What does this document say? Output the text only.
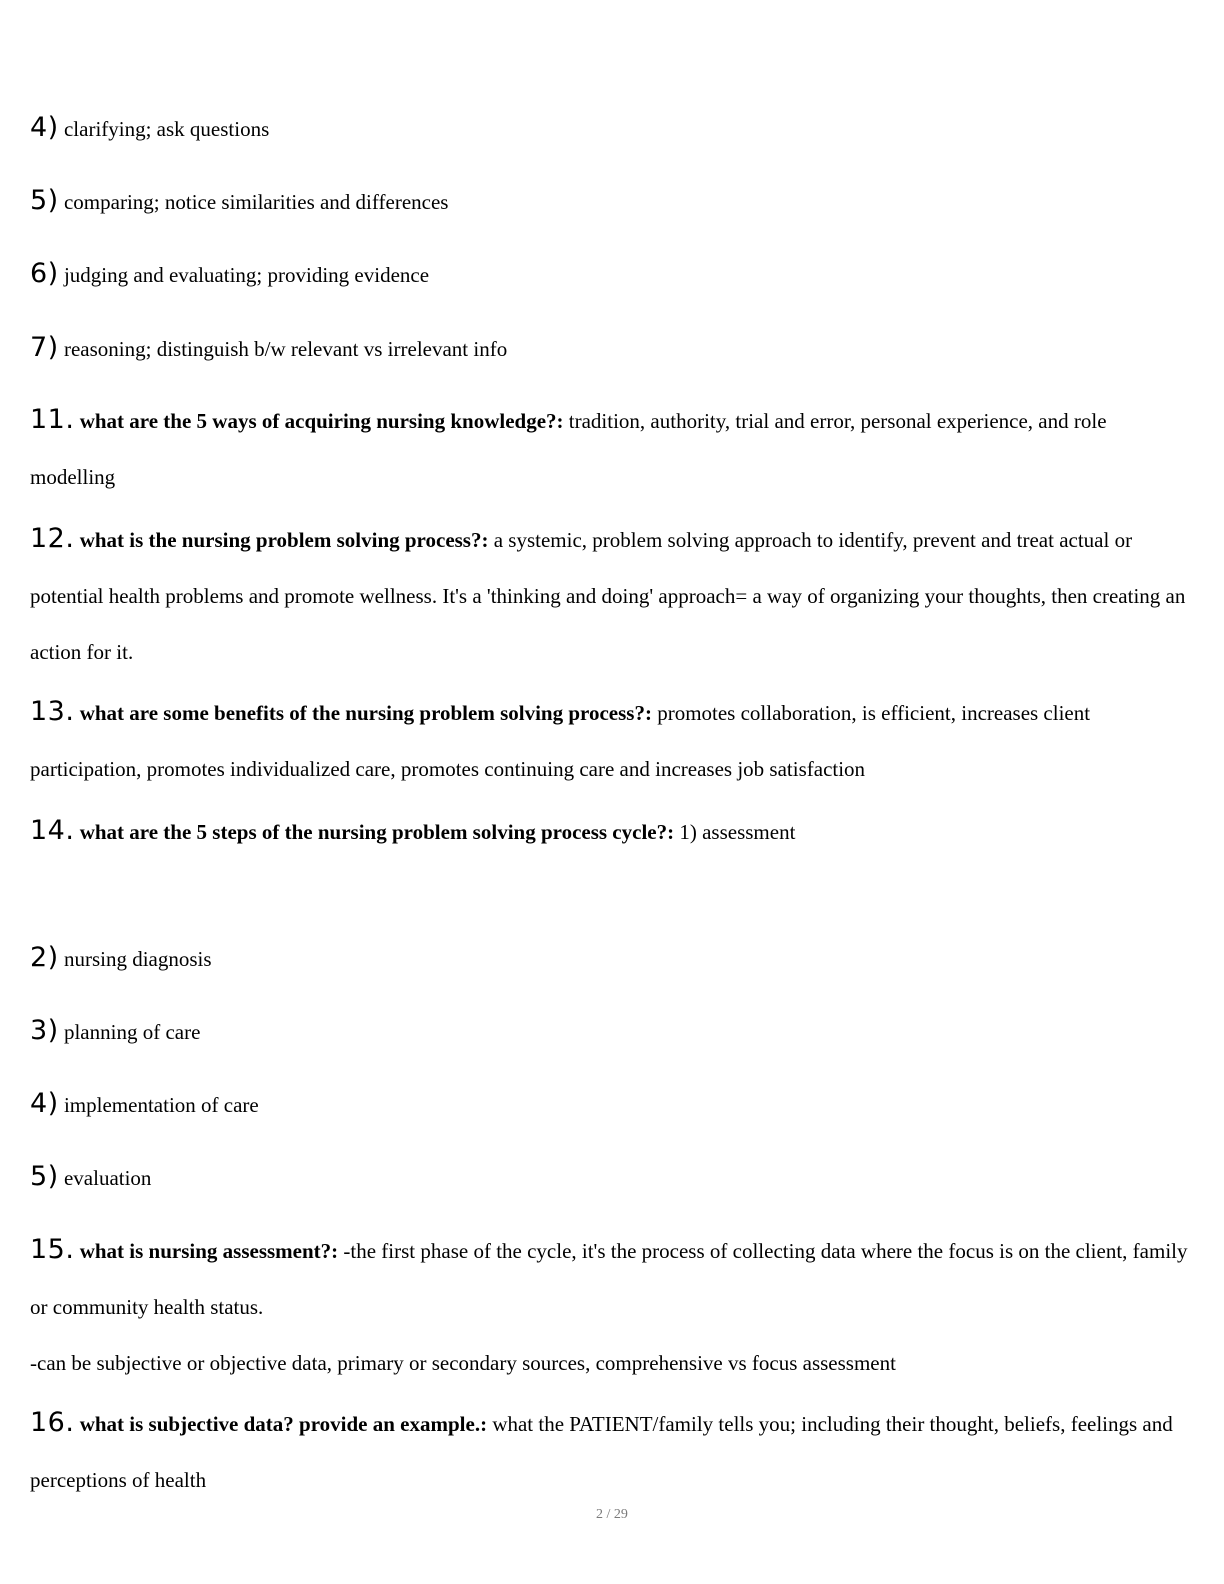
4) clarifying; ask questions

5) comparing; notice similarities and differences

6) judging and evaluating; providing evidence

7) reasoning; distinguish b/w relevant vs irrelevant info

11. what are the 5 ways of acquiring nursing knowledge?: tradition, authority, trial and error, personal experience, and role modelling

12. what is the nursing problem solving process?: a systemic, problem solving approach to identify, prevent and treat actual or potential health problems and promote wellness. It's a 'thinking and doing' approach= a way of organizing your thoughts, then creating an action for it.

13. what are some benefits of the nursing problem solving process?: promotes collaboration, is efficient, increases client participation, promotes individualized care, promotes continuing care and increases job satisfaction

14. what are the 5 steps of the nursing problem solving process cycle?: 1) assessment

2) nursing diagnosis

3) planning of care

4) implementation of care

5) evaluation

15. what is nursing assessment?: -the first phase of the cycle, it's the process of collecting data where the focus is on the client, family or community health status.
-can be subjective or objective data, primary or secondary sources, comprehensive vs focus assessment

16. what is subjective data? provide an example.: what the PATIENT/family tells you; including their thought, beliefs, feelings and perceptions of health

2 / 29
